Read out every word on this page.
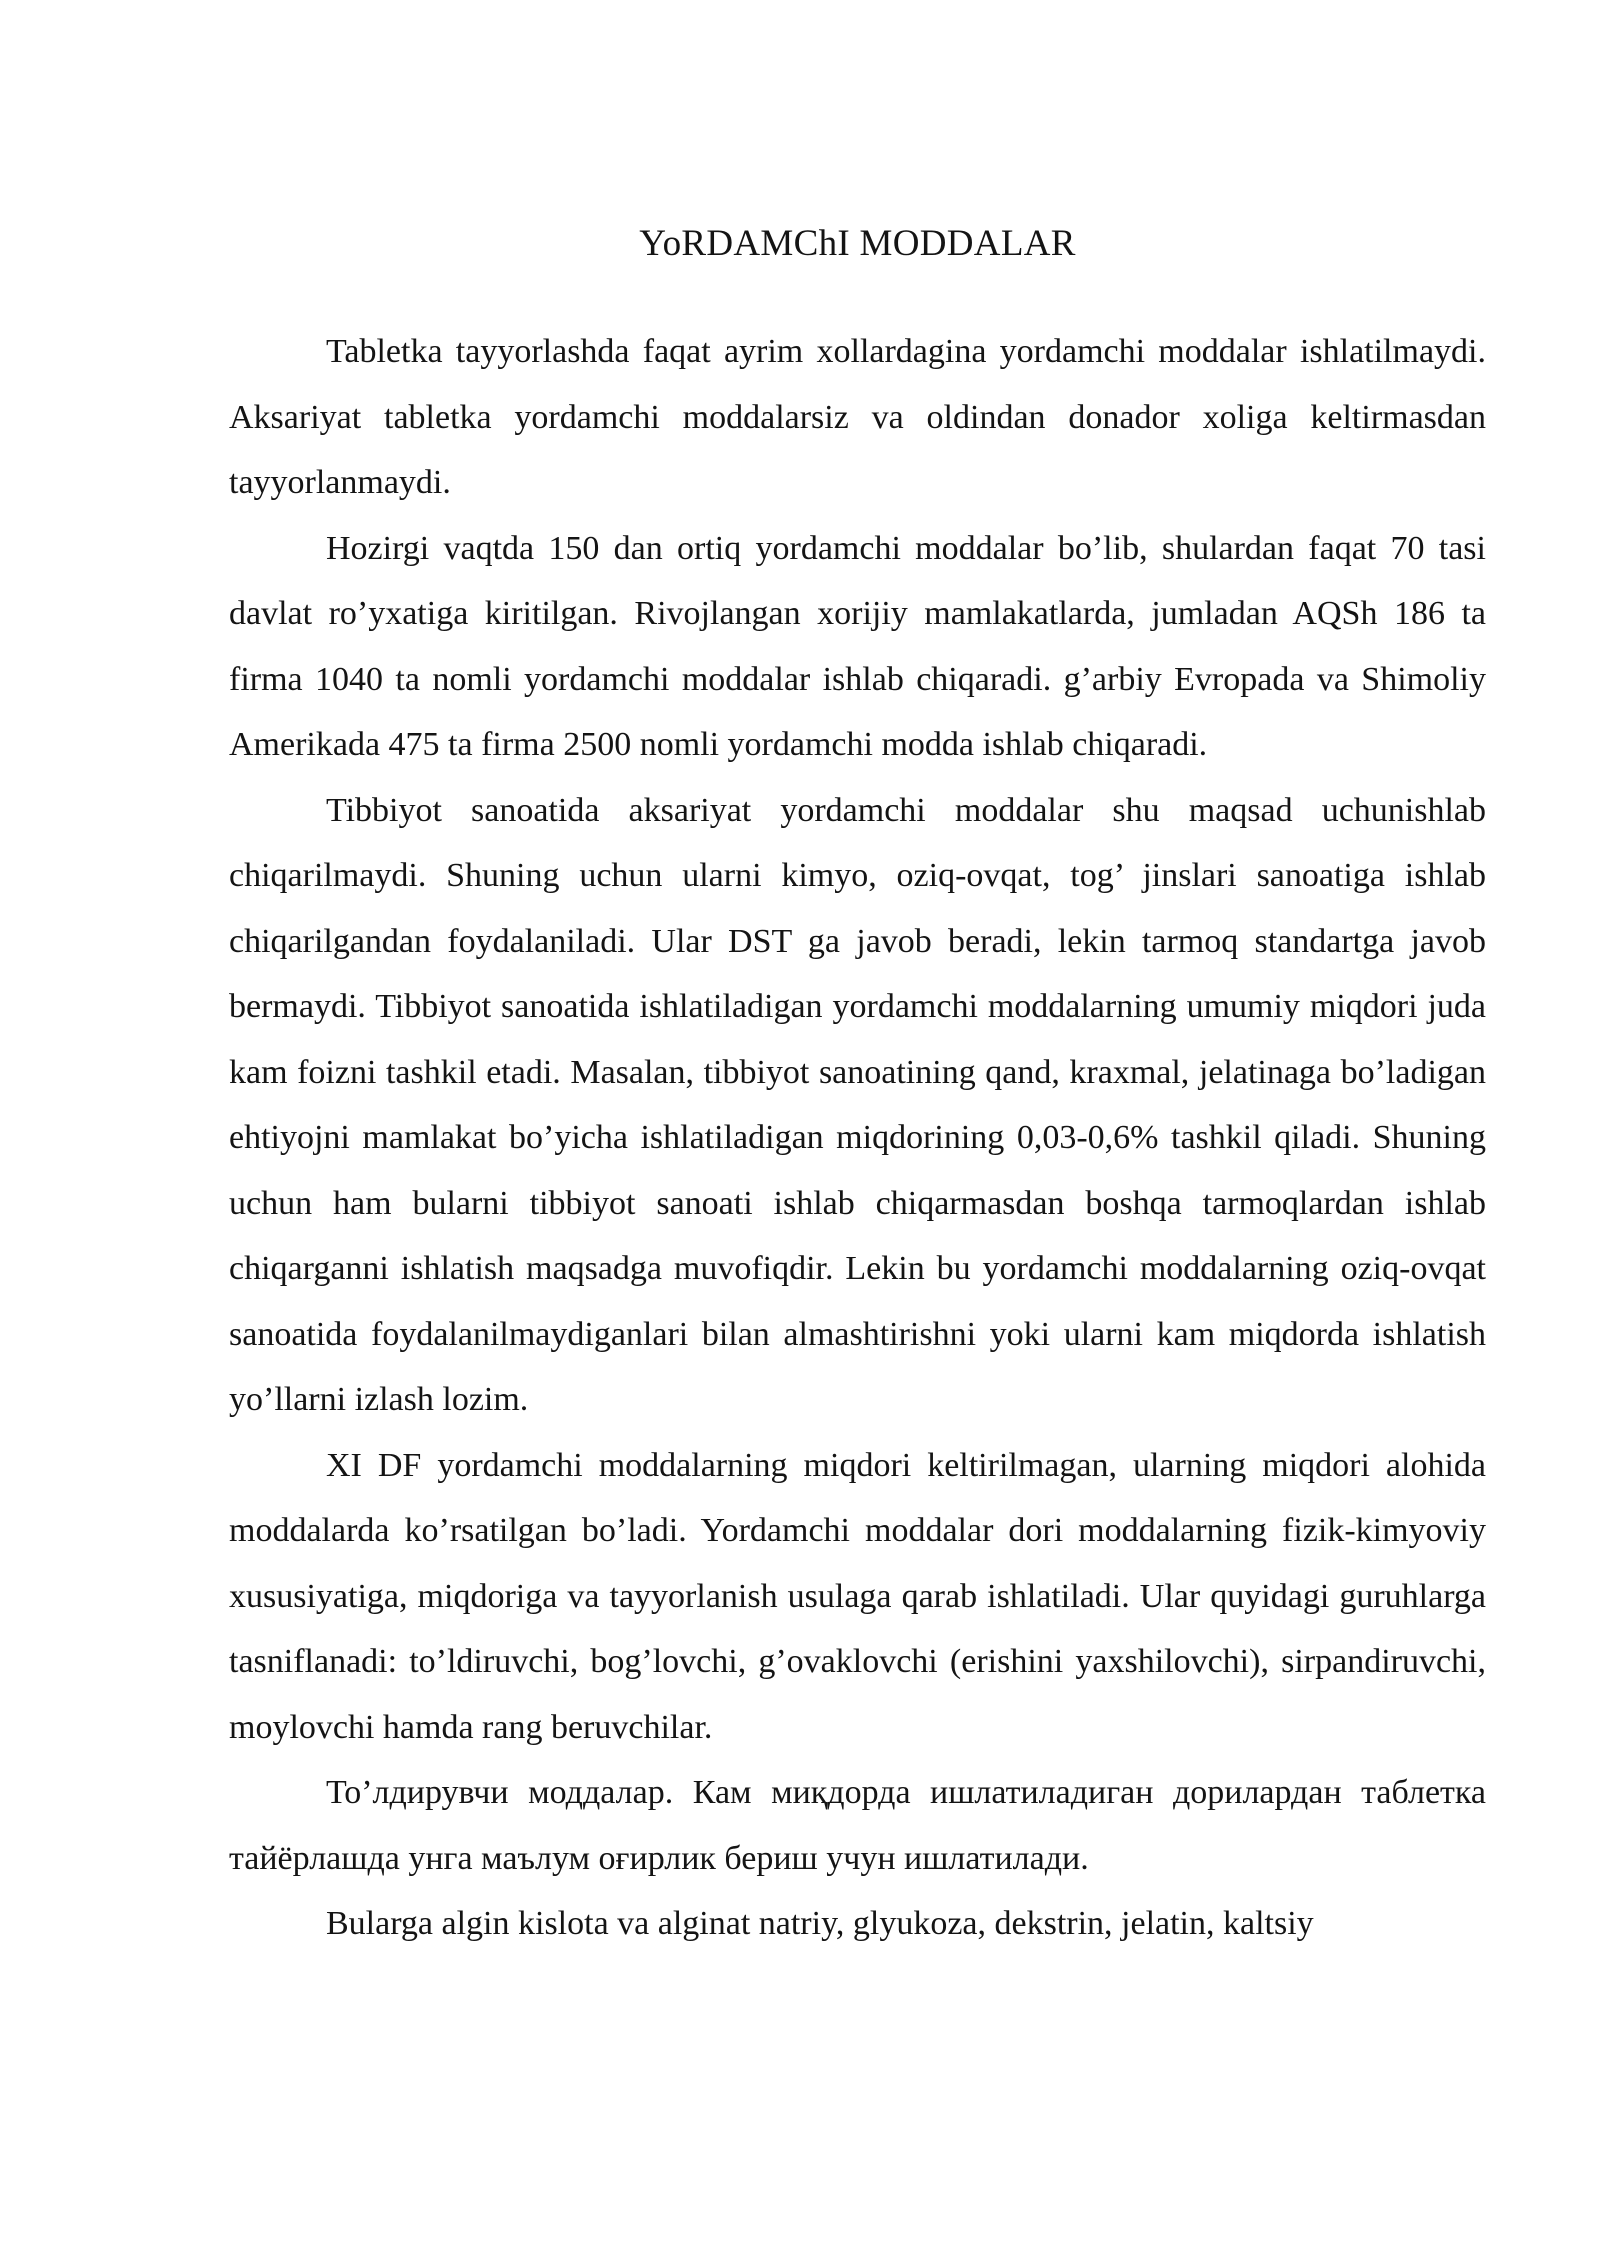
YoRDAMChI MODDALAR

Tabletka tayyorlashda faqat ayrim xollardagina yordamchi moddalar ishlatilmaydi. Aksariyat tabletka yordamchi moddalarsiz va oldindan donador xoliga keltirmasdan tayyorlanmaydi.

Hozirgi vaqtda 150 dan ortiq yordamchi moddalar bo’lib, shulardan faqat 70 tasi davlat ro’yxatiga kiritilgan. Rivojlangan xorijiy mamlakatlarda, jumladan AQSh 186 ta firma 1040 ta nomli yordamchi moddalar ishlab chiqaradi. g’arbiy Evropada va Shimoliy Amerikada 475 ta firma 2500 nomli yordamchi modda ishlab chiqaradi.

Tibbiyot sanoatida aksariyat yordamchi moddalar shu maqsad uchunishlab chiqarilmaydi. Shuning uchun ularni kimyo, oziq-ovqat, tog’ jinslari sanoatiga ishlab chiqarilgandan foydalaniladi. Ular DST ga javob beradi, lekin tarmoq standartga javob bermaydi. Tibbiyot sanoatida ishlatiladigan yordamchi moddalarning umumiy miqdori juda kam foizni tashkil etadi. Masalan, tibbiyot sanoatining qand, kraxmal, jelatinaga bo’ladigan ehtiyojni mamlakat bo’yicha ishlatiladigan miqdorining 0,03-0,6% tashkil qiladi. Shuning uchun ham bularni tibbiyot sanoati ishlab chiqarmasdan boshqa tarmoqlardan ishlab chiqarganni ishlatish maqsadga muvofiqdir. Lekin bu yordamchi moddalarning oziq-ovqat sanoatida foydalanilmaydiganlari bilan almashtirishni yoki ularni kam miqdorda ishlatish yo’llarni izlash lozim.

XI DF yordamchi moddalarning miqdori keltirilmagan, ularning miqdori alohida moddalarda ko’rsatilgan bo’ladi. Yordamchi moddalar dori moddalarning fizik-kimyoviy xususiyatiga, miqdoriga va tayyorlanish usulaga qarab ishlatiladi. Ular quyidagi guruhlarga tasniflanadi: to’ldiruvchi, bog’lovchi, g’ovaklovchi (erishini yaxshilovchi), sirpandiruvchi, moylovchi hamda rang beruvchilar.

То’лдирувчи моддалар. Кам миқдорда ишлатиладиган дорилардан таблетка тайёрлашда унга маълум оғирлик бериш учун ишлатилади.

Bularga algin kislota va alginat natriy, glyukoza, dekstrin, jelatin, kaltsiy
